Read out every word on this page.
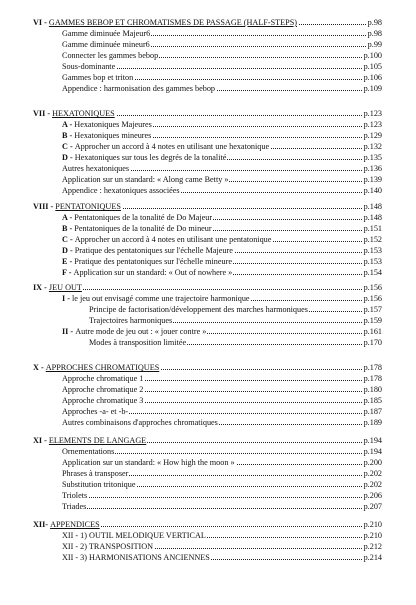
VI - GAMMES BEBOP ET CHROMATISMES DE PASSAGE (HALF-STEPS)	p.98
Gamme diminuée Majeur6	p.98
Gamme diminuée mineur6	p.99
Connecter les gammes bebop	p.100
Sous-dominante	p.105
Gammes bop et triton	p.106
Appendice : harmonisation des gammes bebop	p.109
VII - HEXATONIQUES	p.123
A - Hexatoniques Majeures	p.123
B - Hexatoniques mineures	p.129
C - Approcher un accord à 4 notes en utilisant une hexatonique	p.132
D - Hexatoniques sur tous les degrés de la tonalité	p.135
Autres hexatoniques	p.136
Application sur un standard: « Along came Betty »	p.139
Appendice : hexatoniques associées	p.140
VIII - PENTATONIQUES	p.148
A - Pentatoniques de la tonalité de Do Majeur	p.148
B - Pentatoniques de la tonalité de Do mineur	p.151
C - Approcher un accord à 4 notes en utilisant une pentatonique	p.152
D - Pratique des pentatoniques sur l'échelle Majeure	p.153
E - Pratique des pentatoniques sur l'échelle mineure	p.153
F - Application sur un standard: « Out of nowhere »	p.154
IX - JEU OUT	p.156
I - le jeu out envisagé comme une trajectoire harmonique	p.156
Principe de factorisation/développement des marches harmoniques	p.157
Trajectoires harmoniques	p.159
II - Autre mode de jeu out : « jouer contre »	p.161
Modes à transposition limitée	p.170
X - APPROCHES CHROMATIQUES	p.178
Approche chromatique 1	p.178
Approche chromatique 2	p.180
Approche chromatique 3	p.185
Approches -a- et -b-	p.187
Autres combinaisons d'approches chromatiques	p.189
XI - ELEMENTS DE LANGAGE	p.194
Ornementations	p.194
Application sur un standard: « How high the moon »	p.200
Phrases à transposer	p.202
Substitution tritonique	p.202
Triolets	p.206
Triades	p.207
XII- APPENDICES	p.210
XII - 1) OUTIL MELODIQUE VERTICAL	p.210
XII - 2) TRANSPOSITION	p.212
XII - 3) HARMONISATIONS ANCIENNES	p.214
